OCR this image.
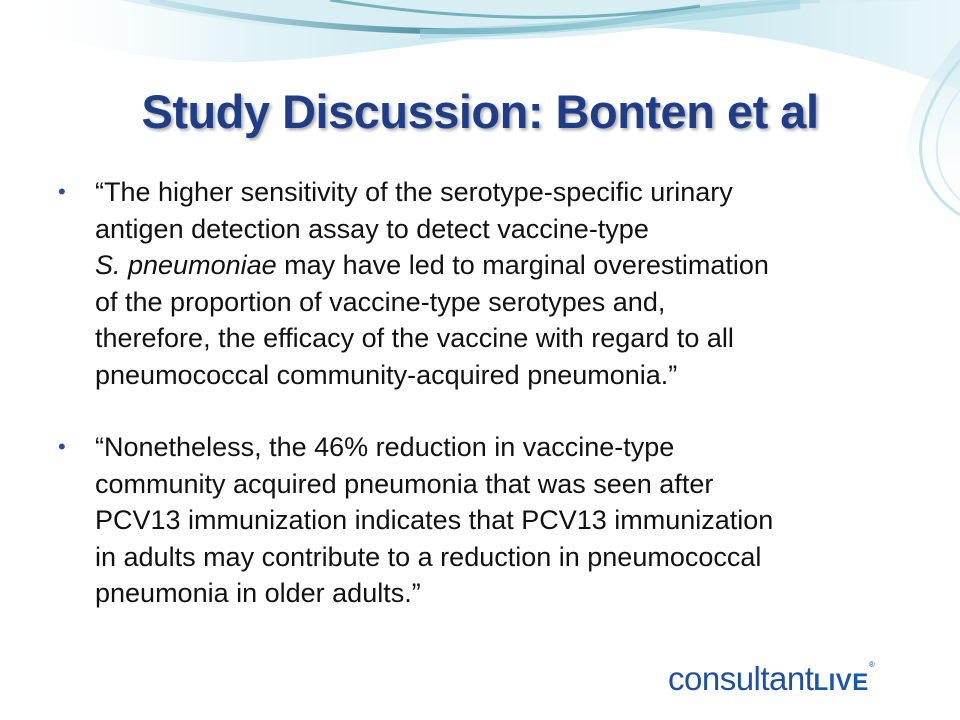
Study Discussion: Bonten et al
• “The higher sensitivity of the serotype-specific urinary
antigen detection assay to detect vaccine-type
S. pneumoniae may have led to marginal overestimation
of the proportion of vaccine-type serotypes and,
therefore, the efficacy of the vaccine with regard to all
pneumococcal community-acquired pneumonia.”
• “Nonetheless, the 46% reduction in vaccine-type
community acquired pneumonia that was seen after
PCV13 immunization indicates that PCV13 immunization
in adults may contribute to a reduction in pneumococcal
pneumonia in older adults.”
consultantLIVE®
